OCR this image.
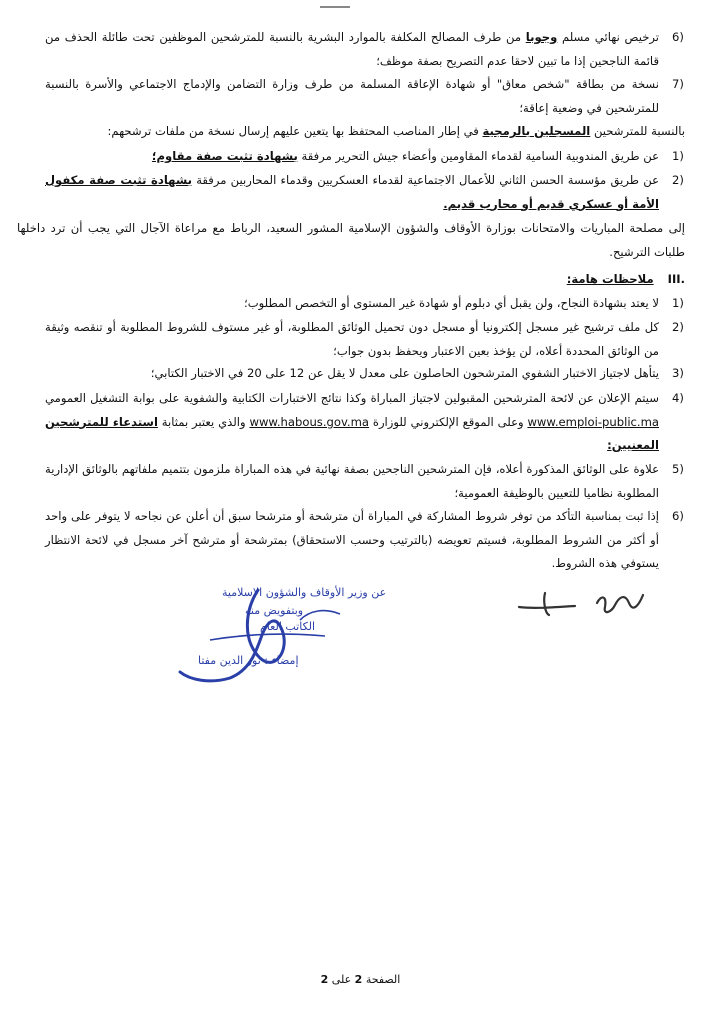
6)
ترخيص نهائي مسلم وجوبا من طرف المصالح المكلفة بالموارد البشرية بالنسبة للمترشحين الموظفين تحت طائلة الحذف من قائمة الناجحين إذا ما تبين لاحقا عدم التصريح بصفة موظف؛
7)
نسخة من بطاقة "شخص معاق" أو شهادة الإعاقة المسلمة من طرف وزارة التضامن والإدماج الاجتماعي والأسرة بالنسبة للمترشحين في وضعية إعاقة؛
بالنسبة للمترشحين المسجلين بالرمجية في إطار المناصب المحتفظ بها يتعين عليهم إرسال نسخة من ملفات ترشحهم:
1)
عن طريق المندوبية السامية لقدماء المقاومين وأعضاء جيش التحرير مرفقة بشهادة تثبت صفة مقاوم؛
2)
عن طريق مؤسسة الحسن الثاني للأعمال الاجتماعية لقدماء العسكريين وقدماء المحاربين مرفقة بشهادة تثبت صفة مكفول الأمة أو عسكري قديم أو محارب قديم.
إلى مصلحة المباريات والامتحانات بوزارة الأوقاف والشؤون الإسلامية المشور السعيد، الرباط مع مراعاة الآجال التي يجب أن ترد داخلها طلبات الترشيح.
III.ملاحظات هامة:
1)
لا يعتد بشهادة النجاح، ولن يقبل أي دبلوم أو شهادة غير المستوى أو التخصص المطلوب؛
2)
كل ملف ترشيح غير مسجل إلكترونيا أو مسجل دون تحميل الوثائق المطلوبة، أو غير مستوف للشروط المطلوبة أو تنقصه وثيقة من الوثائق المحددة أعلاه، لن يؤخذ بعين الاعتبار ويحفظ بدون جواب؛
3)
يتأهل لاجتياز الاختبار الشفوي المترشحون الحاصلون على معدل لا يقل عن 12 على 20 في الاختبار الكتابي؛
4)
سيتم الإعلان عن لائحة المترشحين المقبولين لاجتياز المباراة وكذا نتائج الاختبارات الكتابية والشفوية على بوابة التشغيل العمومي www.emploi-public.ma وعلى الموقع الإلكتروني للوزارة www.habous.gov.ma والذي يعتبر بمثابة استدعاء للمترشحين المعنيين:
5)
علاوة على الوثائق المذكورة أعلاه، فإن المترشحين الناجحين بصفة نهائية في هذه المباراة ملزمون بتتميم ملفاتهم بالوثائق الإدارية المطلوبة نظاميا للتعيين بالوظيفة العمومية؛
6)
إذا ثبت بمناسبة التأكد من توفر شروط المشاركة في المباراة أن مترشحة أو مترشحا سبق أن أعلن عن نجاحه لا يتوفر على واحد أو أكثر من الشروط المطلوبة، فسيتم تعويضه (بالترتيب وحسب الاستحقاق) بمترشحة أو مترشح آخر مسجل في لائحة الانتظار يستوفي هذه الشروط.
عن وزير الأوقاف والشؤون الإسلامية
وبتفويض منه
الكاتب العام
إمضاء : نور الدين مفتا
الصفحة 2 على 2
